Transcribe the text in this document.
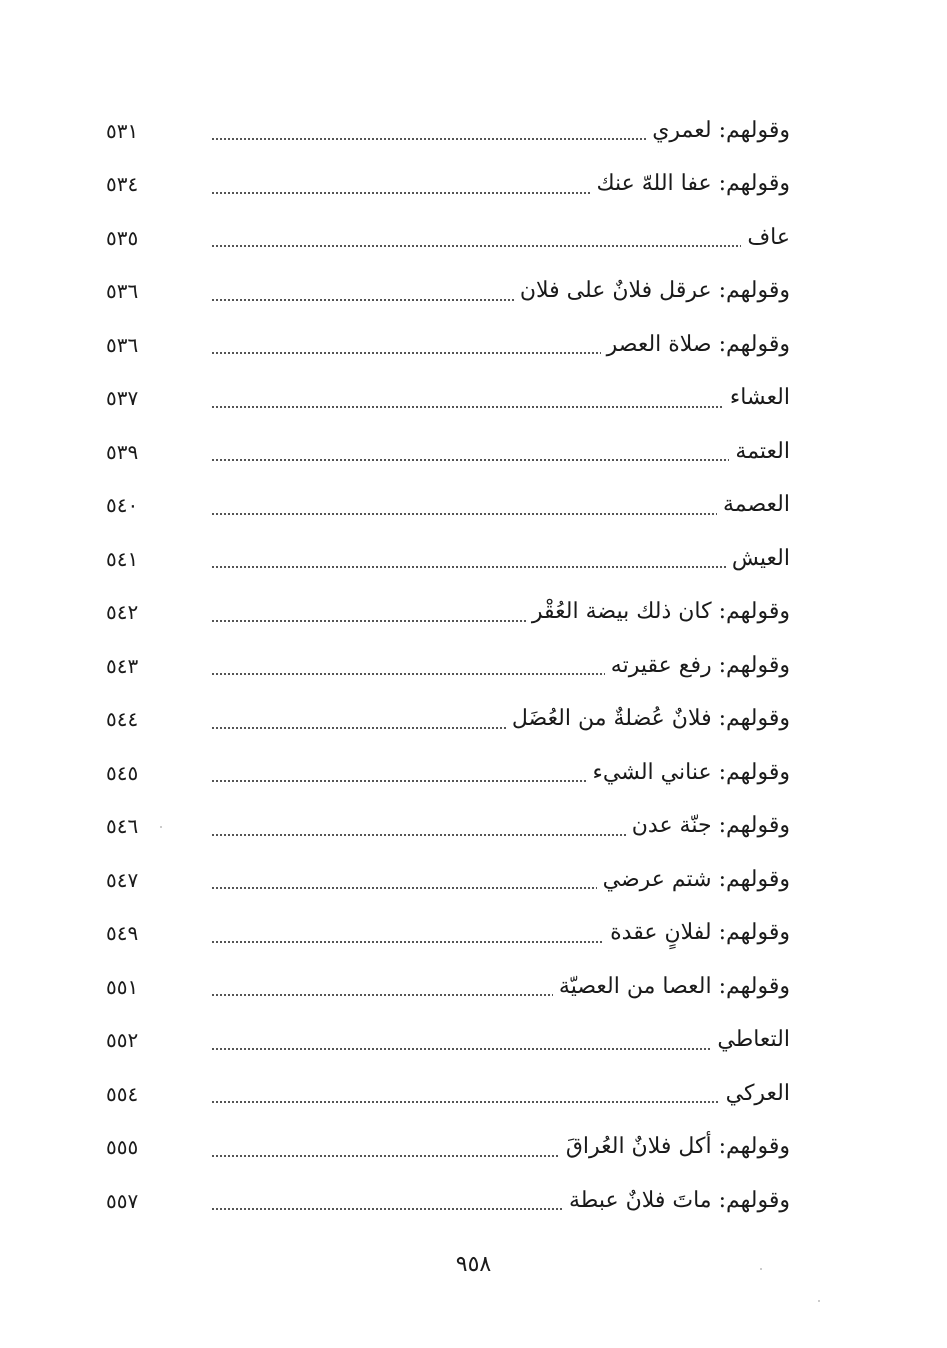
٥٣١	وقولهم: لعمري
٥٣٤	وقولهم: عفا اللهّ عنك
٥٣٥	عاف
٥٣٦	وقولهم: عرقل فلانٌ على فلان
٥٣٦	وقولهم: صلاة العصر
٥٣٧	العشاء
٥٣٩	العتمة
٥٤٠	العصمة
٥٤١	العيش
٥٤٢	وقولهم: كان ذلك بيضة العُقْر
٥٤٣	وقولهم: رفع عقيرته
٥٤٤	وقولهم: فلانٌ عُضلةٌ من العُضَل
٥٤٥	وقولهم: عناني الشيء
٥٤٦	وقولهم: جنّة عدن
٥٤٧	وقولهم: شتم عرضي
٥٤٩	وقولهم: لفلانٍ عقدة
٥٥١	وقولهم: العصا من العصيّة
٥٥٢	التعاطي
٥٥٤	العركي
٥٥٥	وقولهم: أكل فلانٌ العُراقَ
٥٥٧	وقولهم: ماتَ فلانٌ عبطة
٩٥٨
